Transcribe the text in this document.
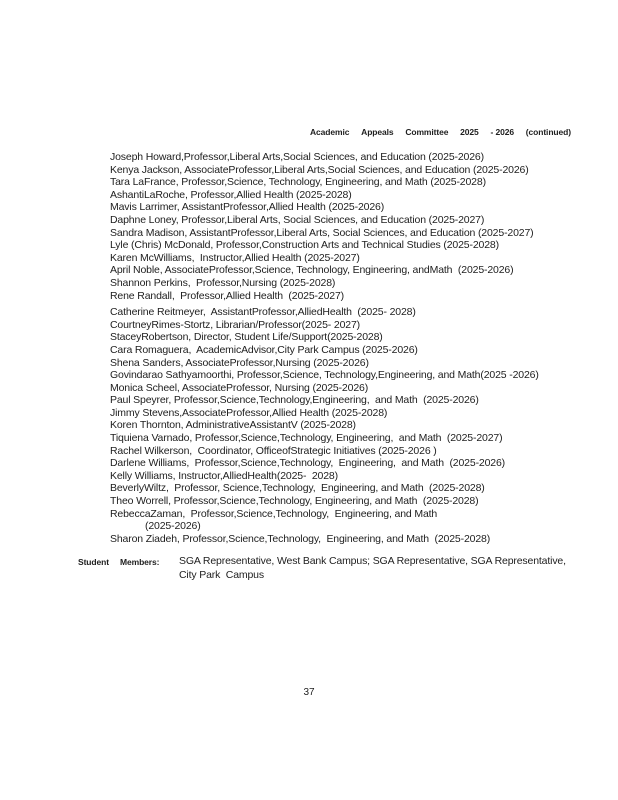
Academic Appeals Committee 2025 - 2026 (continued)
Joseph Howard,Professor,Liberal Arts,Social Sciences, and Education (2025-2026)
Kenya Jackson, AssociateProfessor,Liberal Arts,Social Sciences, and Education (2025-2026)
Tara LaFrance, Professor,Science, Technology, Engineering, and Math (2025-2028)
AshantiLaRoche, Professor,Allied Health (2025-2028)
Mavis Larrimer, AssistantProfessor,Allied Health (2025-2026)
Daphne Loney, Professor,Liberal Arts, Social Sciences, and Education (2025-2027)
Sandra Madison, AssistantProfessor,Liberal Arts, Social Sciences, and Education (2025-2027)
Lyle (Chris) McDonald, Professor,Construction Arts and Technical Studies (2025-2028)
Karen McWilliams,  Instructor,Allied Health (2025-2027)
April Noble, AssociateProfessor,Science, Technology, Engineering, andMath  (2025-2026)
Shannon Perkins,  Professor,Nursing (2025-2028)
Rene Randall,  Professor,Allied Health  (2025-2027)
Catherine Reitmeyer,  AssistantProfessor,AlliedHealth  (2025- 2028)
CourtneyRimes-Stortz, Librarian/Professor(2025- 2027)
StaceyRobertson, Director, Student Life/Support(2025-2028)
Cara Romaguera,  AcademicAdvisor,City Park Campus (2025-2026)
Shena Sanders, AssociateProfessor,Nursing (2025-2026)
Govindarao Sathyamoorthi, Professor,Science, Technology,Engineering, and Math(2025 -2026)
Monica Scheel, AssociateProfessor, Nursing (2025-2026)
Paul Speyrer, Professor,Science,Technology,Engineering,  and Math  (2025-2026)
Jimmy Stevens,AssociateProfessor,Allied Health (2025-2028)
Koren Thornton, AdministrativeAssistantV (2025-2028)
Tiquiena Varnado, Professor,Science,Technology, Engineering,  and Math  (2025-2027)
Rachel Wilkerson,  Coordinator, OfficeofStrategic Initiatives (2025-2026 )
Darlene Williams,  Professor,Science,Technology,  Engineering,  and Math  (2025-2026)
Kelly Williams, Instructor,AlliedHealth(2025-  2028)
BeverlyWiltz,  Professor, Science,Technology,  Engineering, and Math  (2025-2028)
Theo Worrell, Professor,Science,Technology, Engineering, and Math  (2025-2028)
RebeccaZaman,  Professor,Science,Technology,  Engineering, and Math
(2025-2026)
Sharon Ziadeh, Professor,Science,Technology,  Engineering, and Math  (2025-2028)
Student Members: SGA Representative, West Bank Campus; SGA Representative, SGA Representative,
City Park  Campus
37
